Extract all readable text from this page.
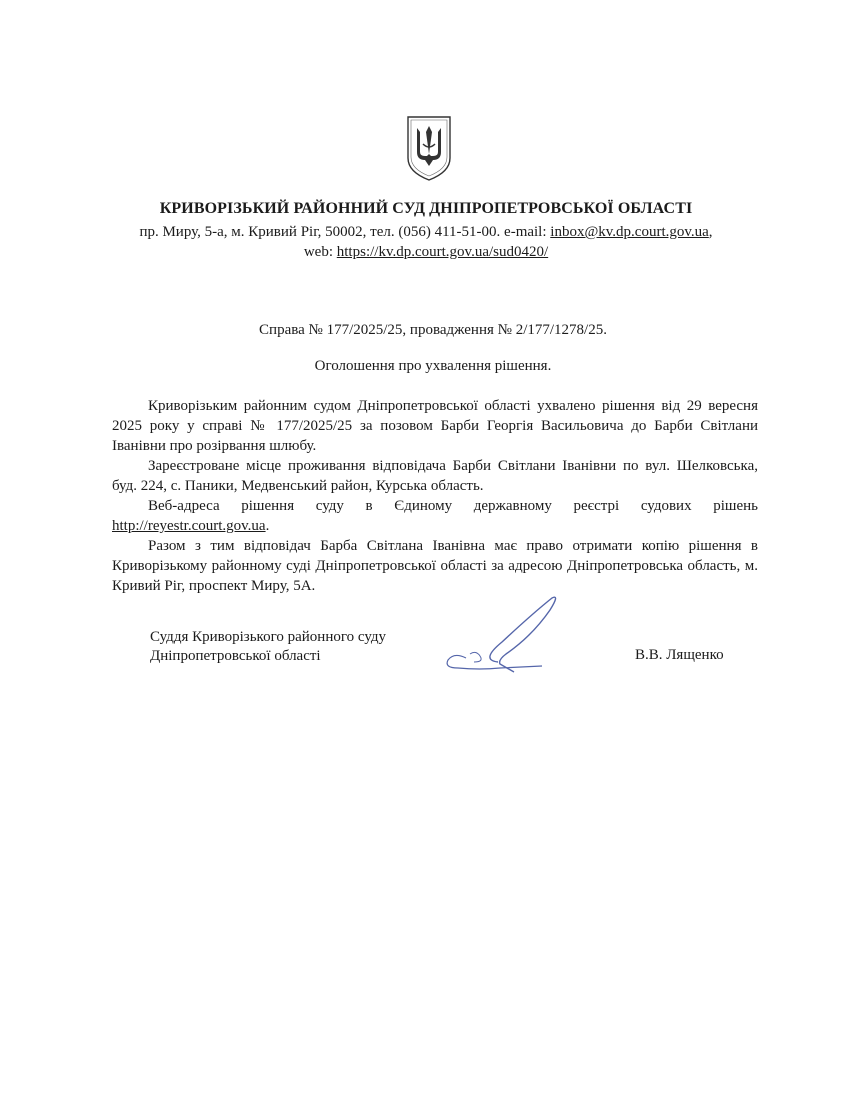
КРИВОРІЗЬКИЙ РАЙОННИЙ СУД ДНІПРОПЕТРОВСЬКОЇ ОБЛАСТІ
пр. Миру, 5-а, м. Кривий Ріг, 50002, тел. (056) 411-51-00. e-mail: inbox@kv.dp.court.gov.ua,
web: https://kv.dp.court.gov.ua/sud0420/
Справа № 177/2025/25, провадження № 2/177/1278/25.
Оголошення про ухвалення рішення.

Криворізьким районним судом Дніпропетровської області ухвалено рішення від 29 вересня 2025 року у справі № 177/2025/25 за позовом Барби Георгія Васильовича до Барби Світлани Іванівни про розірвання шлюбу.

Зареєстроване місце проживання відповідача Барби Світлани Іванівни по вул. Шелковська, буд. 224, с. Паники, Медвенський район, Курська область.

Веб-адреса рішення суду в Єдиному державному реєстрі судових рішень http://reyestr.court.gov.ua.

Разом з тим відповідач Барба Світлана Іванівна має право отримати копію рішення в Криворізькому районному суді Дніпропетровської області за адресою Дніпропетровська область, м. Кривий Ріг, проспект Миру, 5А.

Суддя Криворізького районного суду
Дніпропетровської області	В.В. Лященко
